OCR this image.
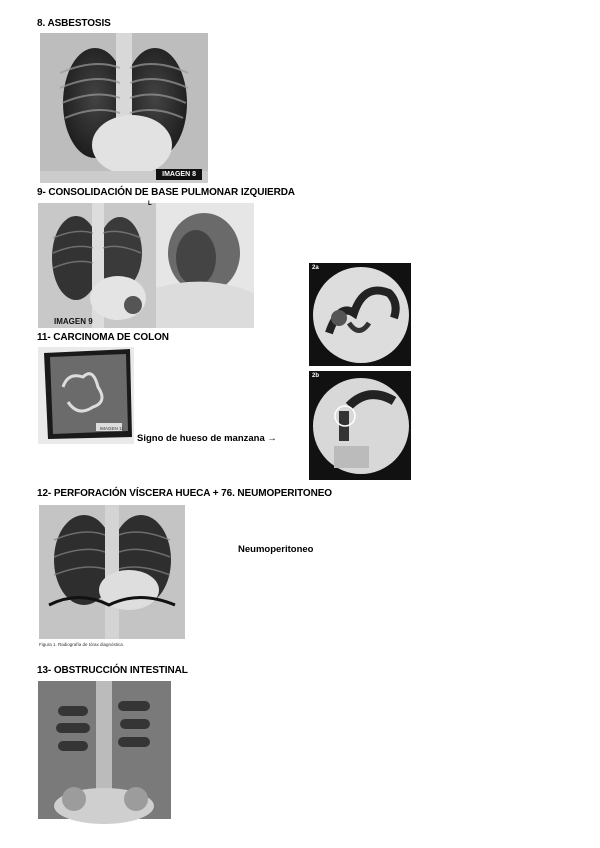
8. ASBESTOSIS
IMAGEN 8
9- CONSOLIDACIÓN DE BASE PULMONAR IZQUIERDA
IMAGEN 9
L
2a
2b
11- CARCINOMA DE COLON
IMAGEN 11
Signo de hueso de manzana →
12- PERFORACIÓN VÍSCERA HUECA + 76. NEUMOPERITONEO
Figura 1. Radiografía de tórax diagnóstica.
Neumoperitoneo
13- OBSTRUCCIÓN INTESTINAL
